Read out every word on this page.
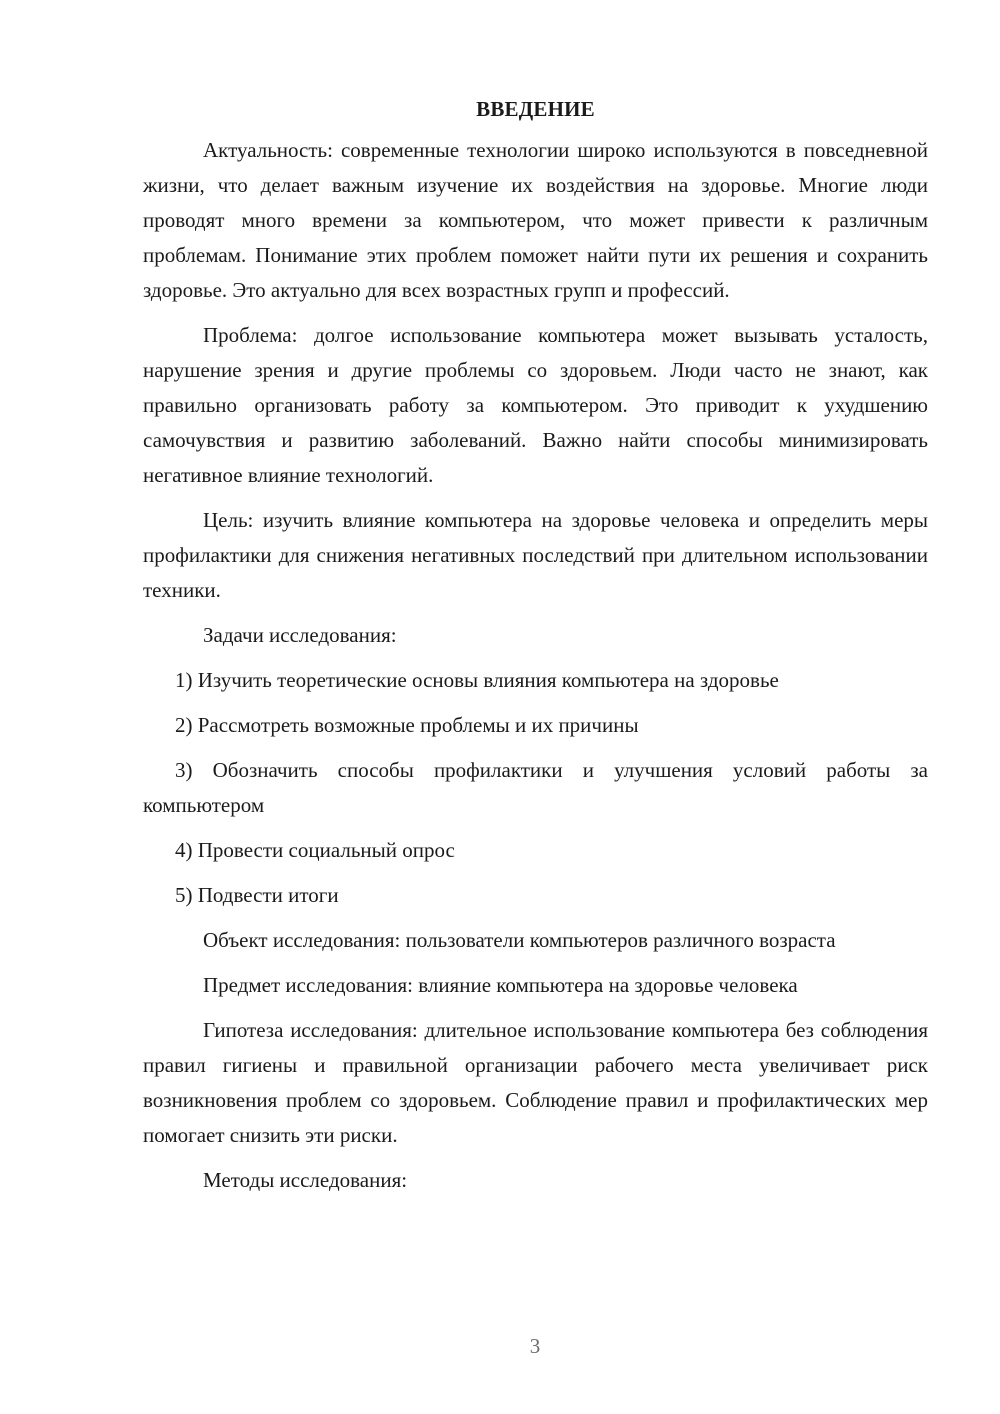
ВВЕДЕНИЕ

Актуальность: современные технологии широко используются в повседневной жизни, что делает важным изучение их воздействия на здоровье. Многие люди проводят много времени за компьютером, что может привести к различным проблемам. Понимание этих проблем поможет найти пути их решения и сохранить здоровье. Это актуально для всех возрастных групп и профессий.

Проблема: долгое использование компьютера может вызывать усталость, нарушение зрения и другие проблемы со здоровьем. Люди часто не знают, как правильно организовать работу за компьютером. Это приводит к ухудшению самочувствия и развитию заболеваний. Важно найти способы минимизировать негативное влияние технологий.

Цель: изучить влияние компьютера на здоровье человека и определить меры профилактики для снижения негативных последствий при длительном использовании техники.

Задачи исследования:

1) Изучить теоретические основы влияния компьютера на здоровье

2) Рассмотреть возможные проблемы и их причины

3) Обозначить способы профилактики и улучшения условий работы за компьютером

4) Провести социальный опрос

5) Подвести итоги

Объект исследования: пользователи компьютеров различного возраста

Предмет исследования: влияние компьютера на здоровье человека

Гипотеза исследования: длительное использование компьютера без соблюдения правил гигиены и правильной организации рабочего места увеличивает риск возникновения проблем со здоровьем. Соблюдение правил и профилактических мер помогает снизить эти риски.

Методы исследования:

3
